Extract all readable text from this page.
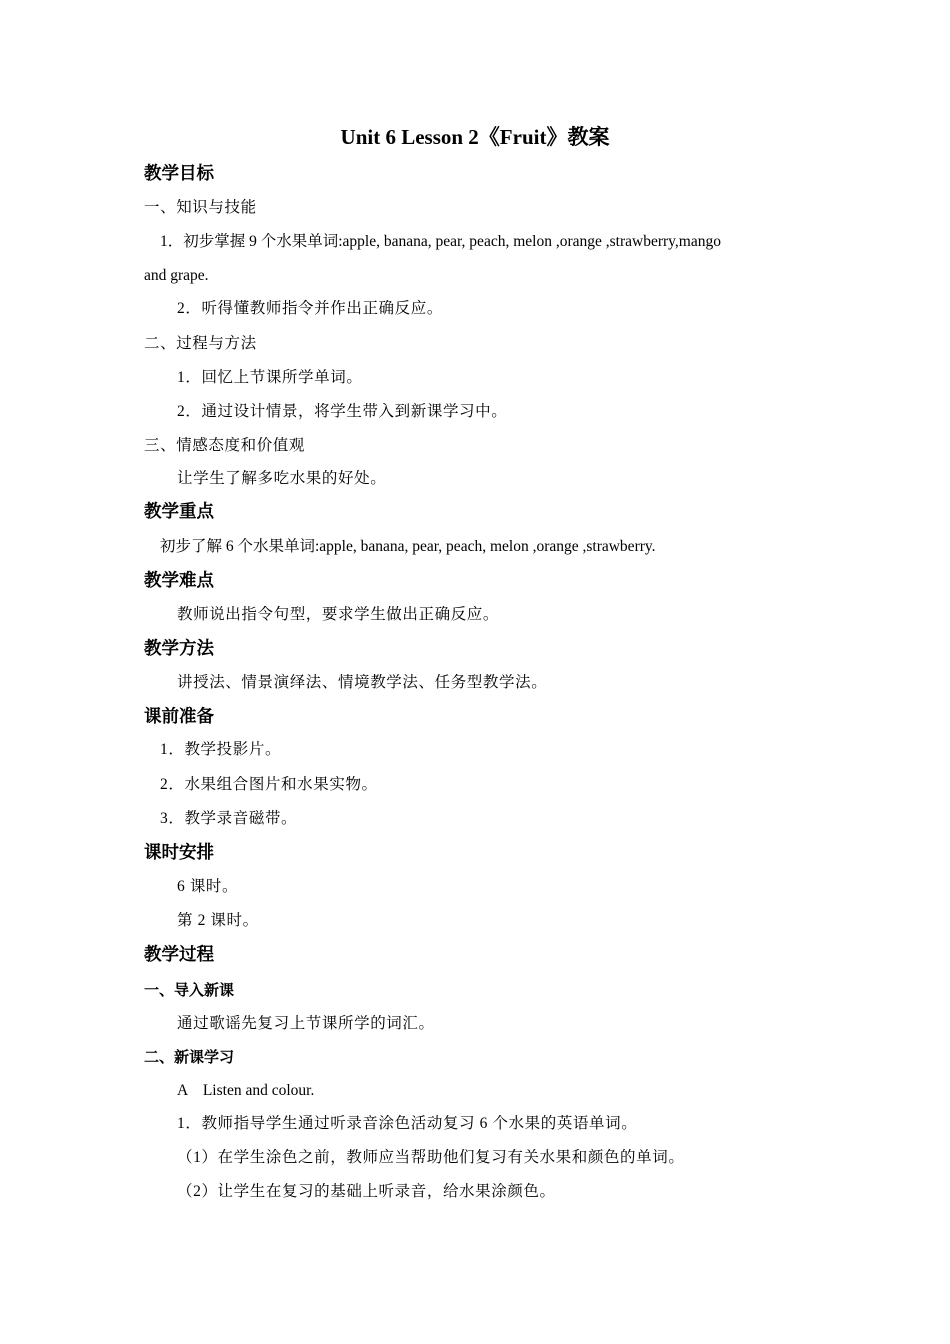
Unit 6 Lesson 2《Fruit》教案
教学目标
一、知识与技能
1．初步掌握 9 个水果单词:apple, banana, pear, peach, melon ,orange ,strawberry,mango
and grape.
2．听得懂教师指令并作出正确反应。
二、过程与方法
1．回忆上节课所学单词。
2．通过设计情景，将学生带入到新课学习中。
三、情感态度和价值观
让学生了解多吃水果的好处。
教学重点
初步了解 6 个水果单词:apple, banana, pear, peach, melon ,orange ,strawberry.
教学难点
教师说出指令句型，要求学生做出正确反应。
教学方法
讲授法、情景演绎法、情境教学法、任务型教学法。
课前准备
1．教学投影片。
2．水果组合图片和水果实物。
3．教学录音磁带。
课时安排
6 课时。
第 2 课时。
教学过程
一、导入新课
通过歌谣先复习上节课所学的词汇。
二、新课学习
A　Listen and colour.
1．教师指导学生通过听录音涂色活动复习 6 个水果的英语单词。
（1）在学生涂色之前，教师应当帮助他们复习有关水果和颜色的单词。
（2）让学生在复习的基础上听录音，给水果涂颜色。
